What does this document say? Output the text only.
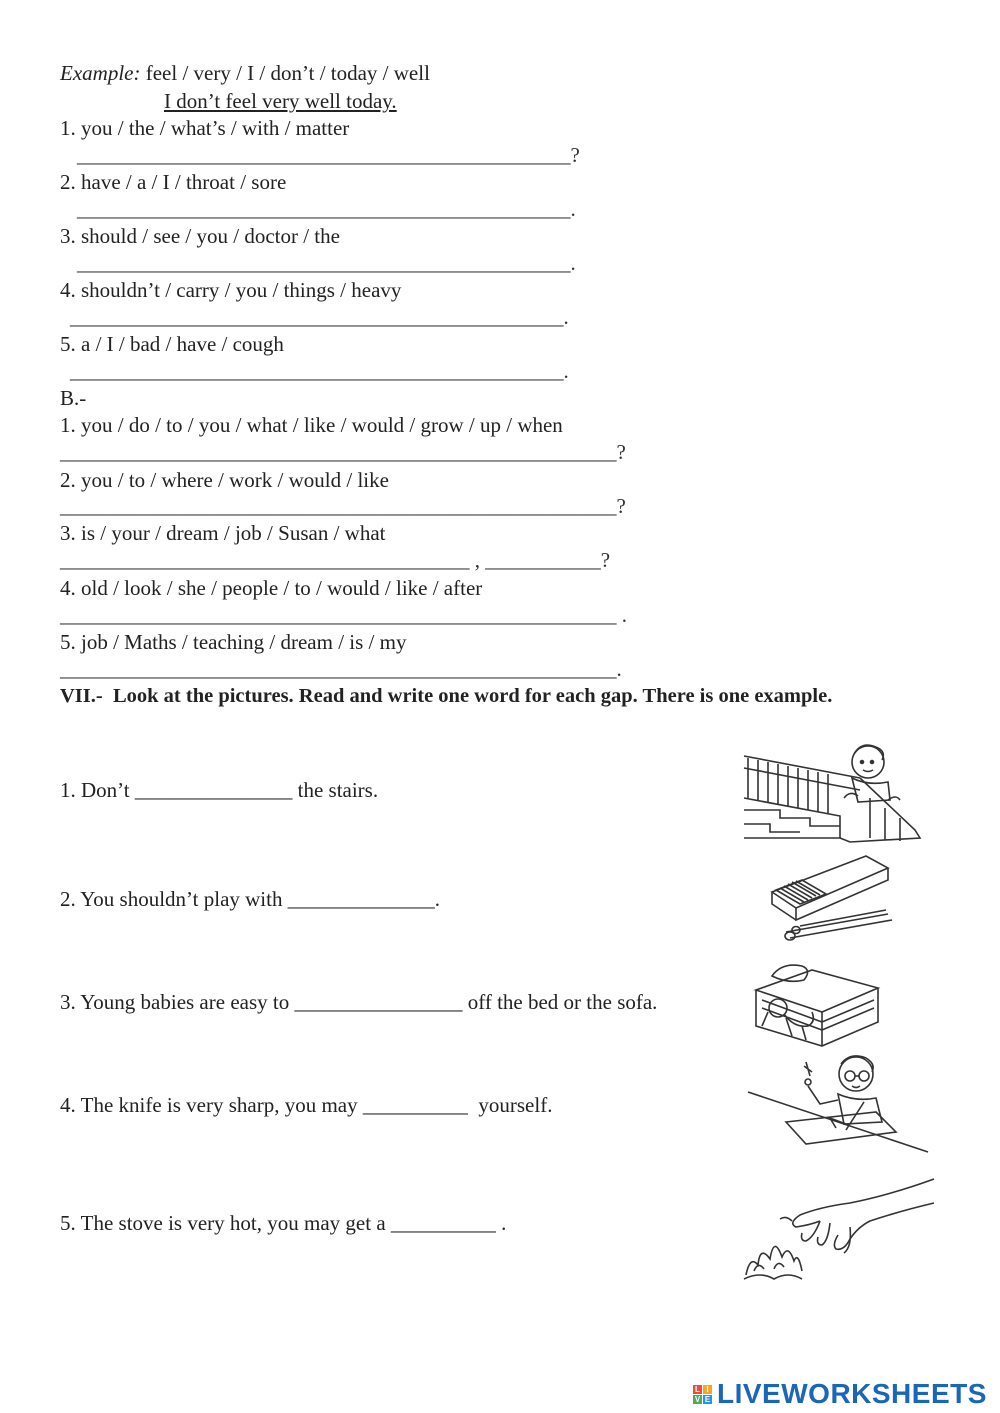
Example: feel / very / I / don’t / today / well
I don’t feel very well today.
1. you / the / what’s / with / matter
_______________________________________________?
2. have / a / I / throat / sore
_______________________________________________.
3. should / see / you / doctor / the
_______________________________________________.
4. shouldn’t / carry / you / things / heavy
_______________________________________________.
5. a / I / bad / have / cough
_______________________________________________.
B.-
1. you / do / to / you / what / like / would / grow / up / when
_____________________________________________________?
2. you / to / where / work / would / like
_____________________________________________________?
3. is / your / dream / job / Susan / what
_______________________________________ , ___________?
4. old / look / she / people / to / would / like / after
_____________________________________________________ .
5. job / Maths / teaching / dream / is / my
_____________________________________________________.
VII.-  Look at the pictures. Read and write one word for each gap. There is one example.
1. Don’t _______________ the stairs.
2. You shouldn’t play with ______________.
3. Young babies are easy to ________________ off the bed or the sofa.
4. The knife is very sharp, you may __________  yourself.
5. The stove is very hot, you may get a __________ .
L I
V E LIVEWORKSHEETS
